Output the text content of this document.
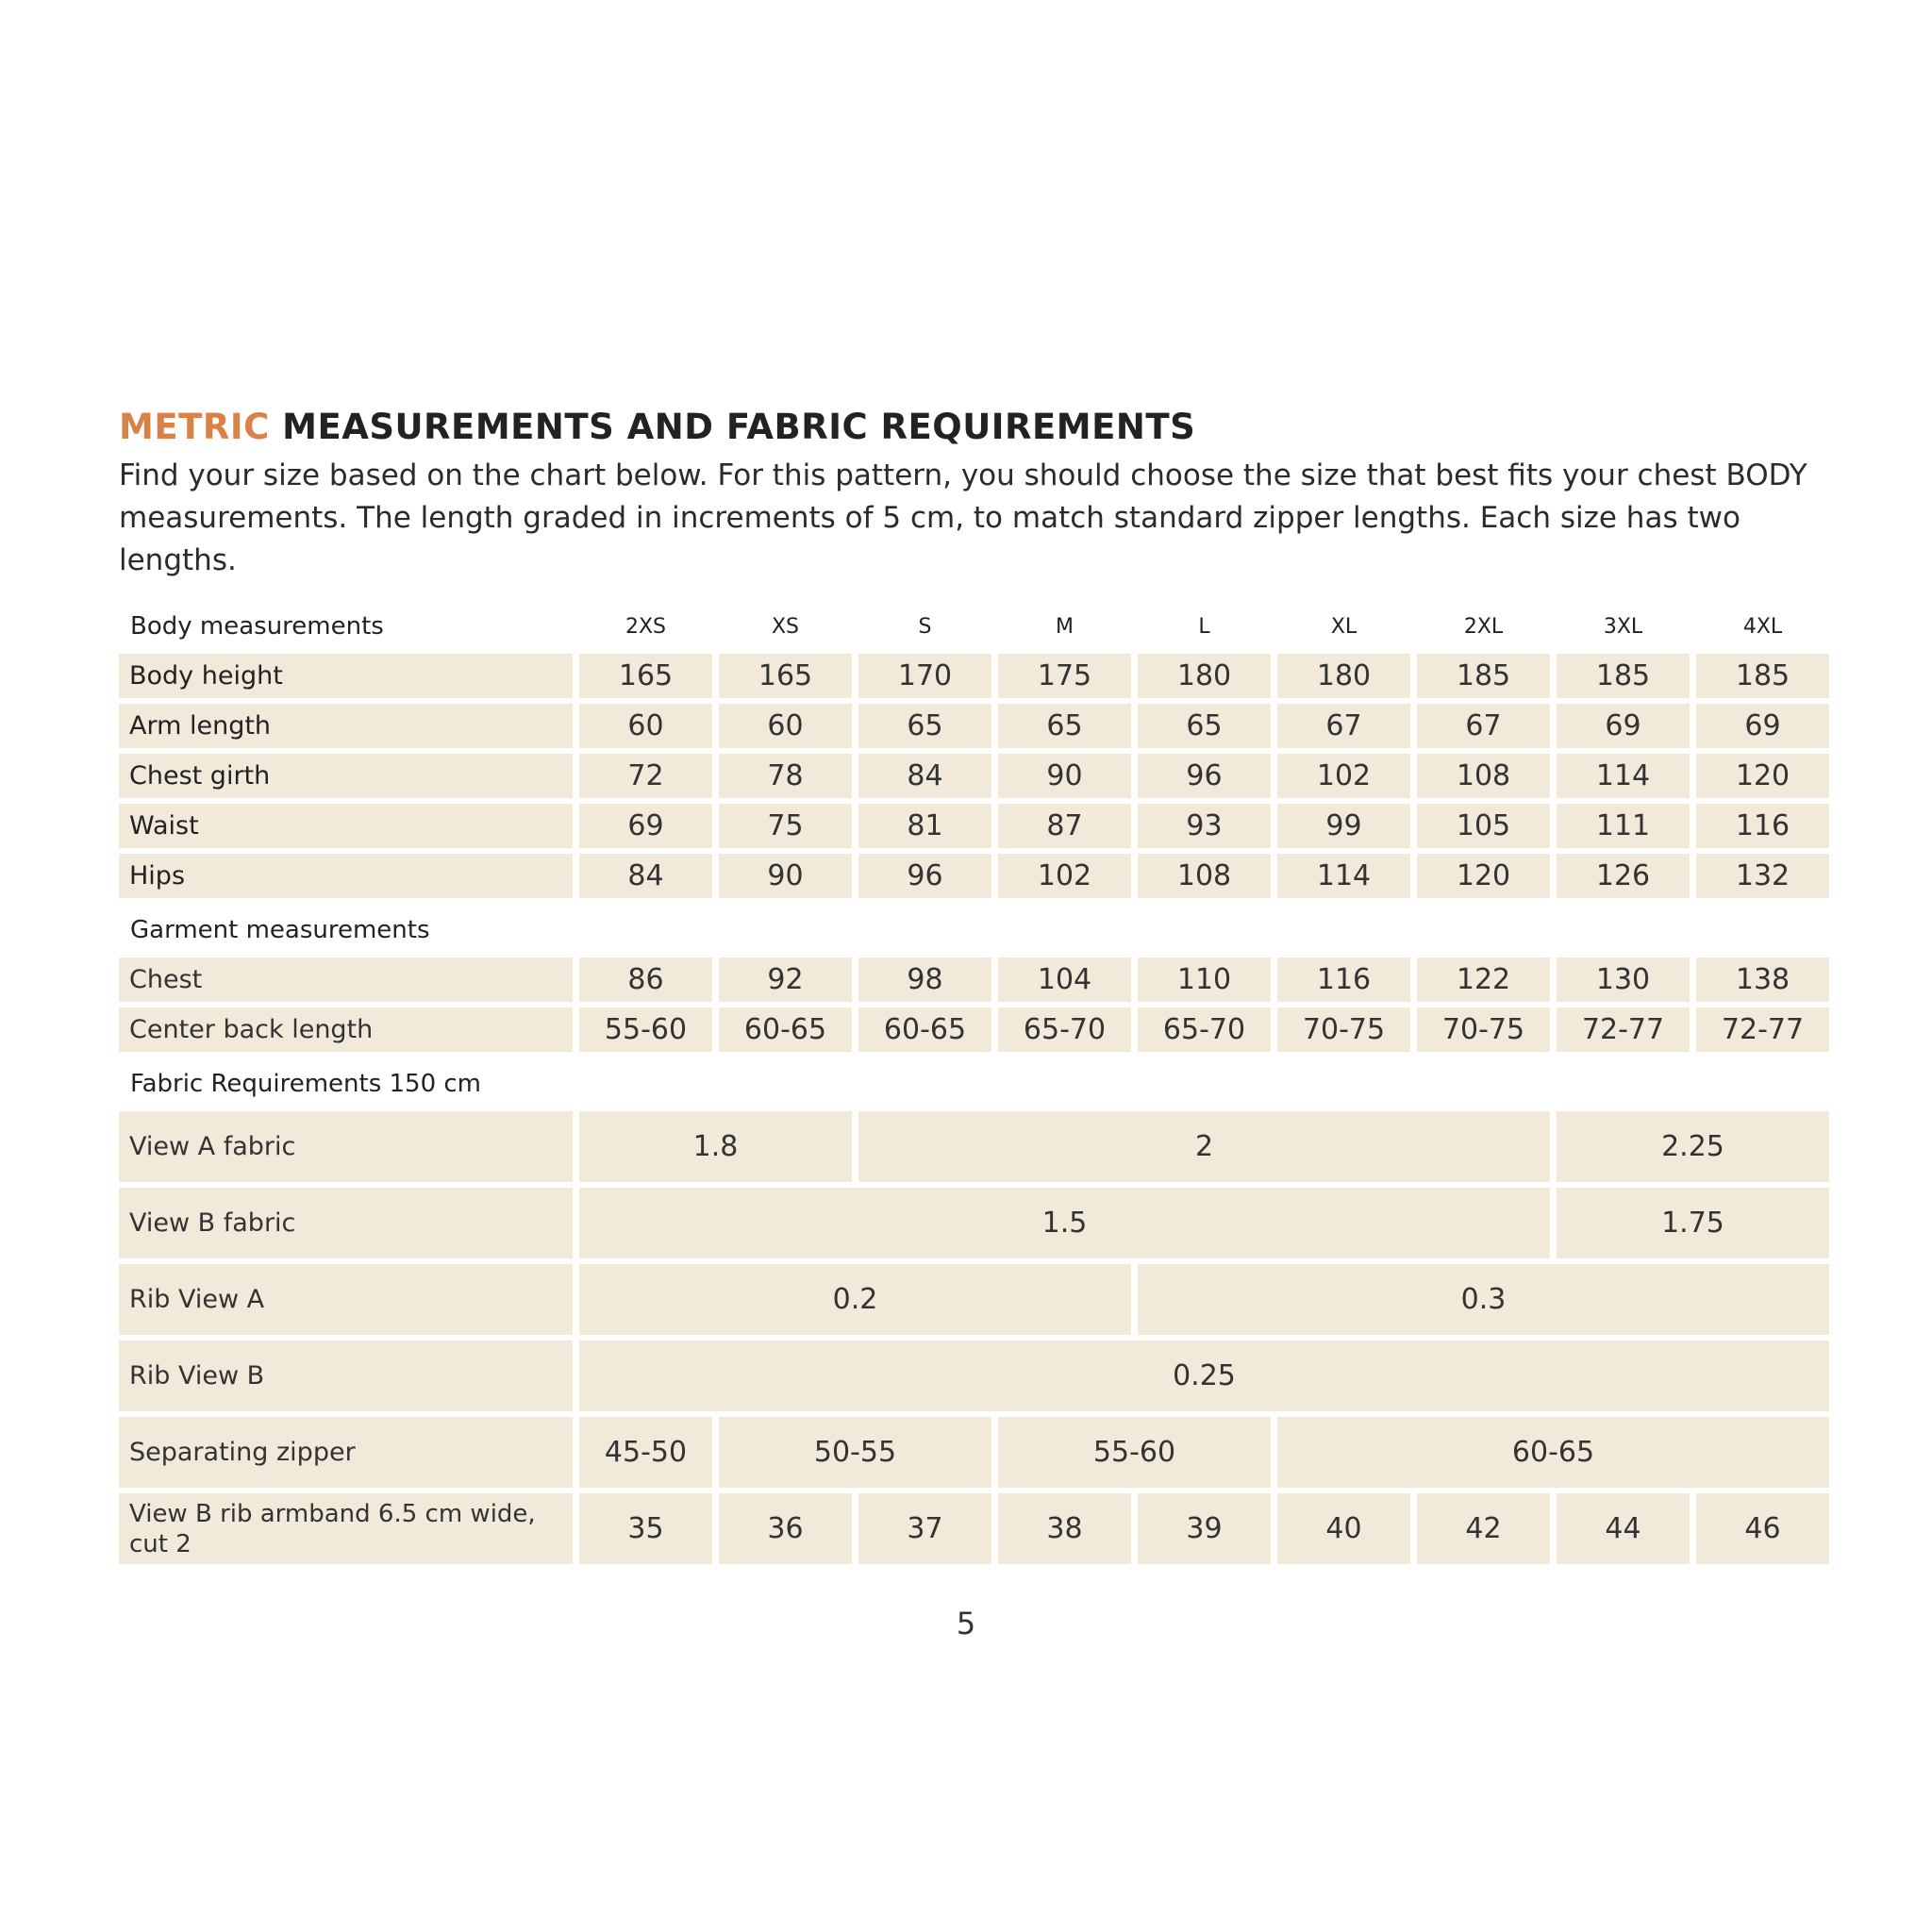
METRIC MEASUREMENTS AND FABRIC REQUIREMENTS

Find your size based on the chart below. For this pattern, you should choose the size that best fits your chest BODY measurements. The length graded in increments of 5 cm, to match standard zipper lengths. Each size has two lengths.

Body measurements	2XS	XS	S	M	L	XL	2XL	3XL	4XL
Body height	165	165	170	175	180	180	185	185	185
Arm length	60	60	65	65	65	67	67	69	69
Chest girth	72	78	84	90	96	102	108	114	120
Waist	69	75	81	87	93	99	105	111	116
Hips	84	90	96	102	108	114	120	126	132
Garment measurements									
Chest	86	92	98	104	110	116	122	130	138
Center back length	55-60	60-65	60-65	65-70	65-70	70-75	70-75	72-77	72-77
Fabric Requirements 150 cm									
View A fabric	1.8		2					2.25	
View B fabric	1.5							1.75	
Rib View A	0.2				0.3				
Rib View B	0.25								
Separating zipper	45-50	50-55		55-60		60-65			
View B rib armband 6.5 cm wide, cut 2	35	36	37	38	39	40	42	44	46
5
